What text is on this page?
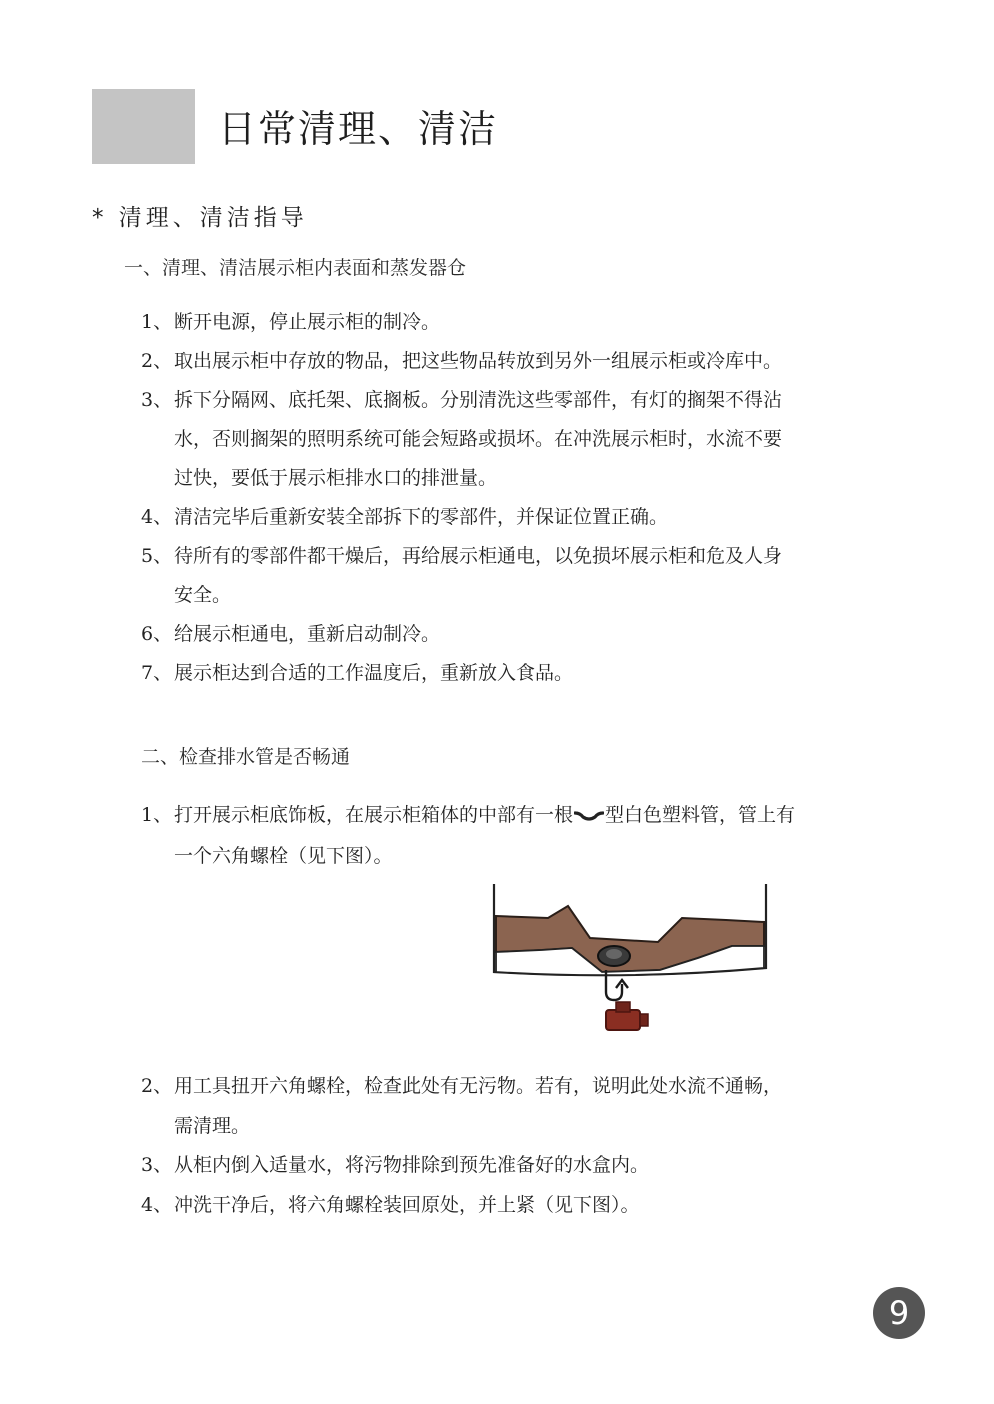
日常清理、清洁
* 清理、清洁指导
一、清理、清洁展示柜内表面和蒸发器仓
1、 断开电源，停止展示柜的制冷。
2、 取出展示柜中存放的物品，把这些物品转放到另外一组展示柜或冷库中。
3、 拆下分隔网、底托架、底搁板。分别清洗这些零部件，有灯的搁架不得沾
水，否则搁架的照明系统可能会短路或损坏。在冲洗展示柜时，水流不要
过快，要低于展示柜排水口的排泄量。
4、 清洁完毕后重新安装全部拆下的零部件，并保证位置正确。
5、 待所有的零部件都干燥后，再给展示柜通电，以免损坏展示柜和危及人身
安全。
6、 给展示柜通电，重新启动制冷。
7、 展示柜达到合适的工作温度后，重新放入食品。
二、检查排水管是否畅通
1、 打开展示柜底饰板，在展示柜箱体的中部有一根 型白色塑料管，管上有
一个六角螺栓（见下图）。
2、 用工具扭开六角螺栓，检查此处有无污物。若有，说明此处水流不通畅，
需清理。
3、 从柜内倒入适量水，将污物排除到预先准备好的水盒内。
4、 冲洗干净后，将六角螺栓装回原处，并上紧（见下图）。
9
